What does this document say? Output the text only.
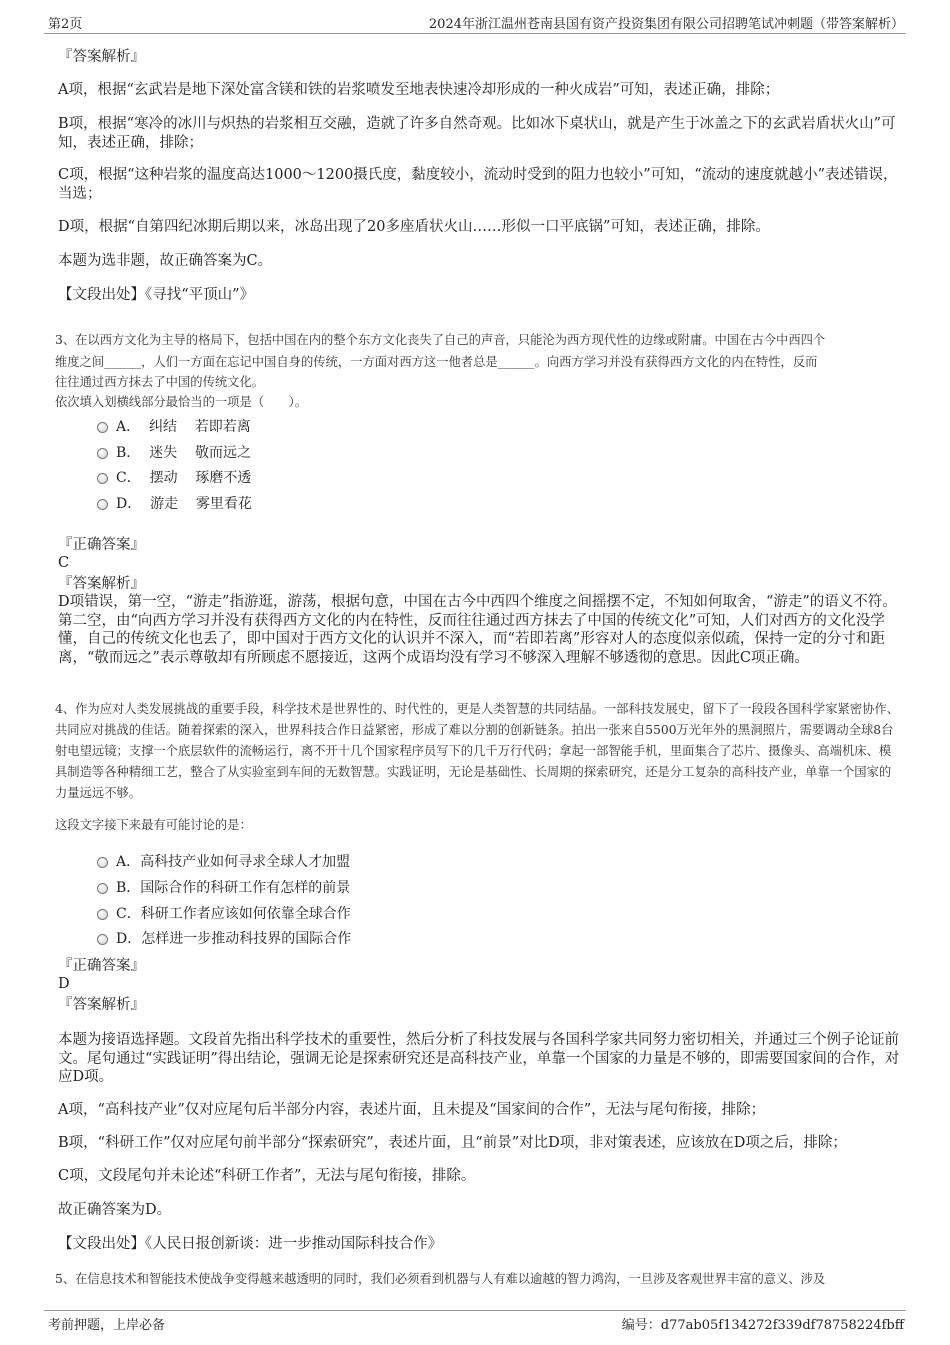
第2页	2024年浙江温州苍南县国有资产投资集团有限公司招聘笔试冲刺题（带答案解析）

『答案解析』

A项，根据“玄武岩是地下深处富含镁和铁的岩浆喷发至地表快速冷却形成的一种火成岩”可知，表述正确，排除；

B项，根据“寒冷的冰川与炽热的岩浆相互交融，造就了许多自然奇观。比如冰下桌状山，就是产生于冰盖之下的玄武岩盾状火山”可知，表述正确，排除；

C项，根据“这种岩浆的温度高达1000～1200摄氏度，黏度较小，流动时受到的阻力也较小”可知，“流动的速度就越小”表述错误，当选；

D项，根据“自第四纪冰期后期以来，冰岛出现了20多座盾状火山……形似一口平底锅”可知，表述正确，排除。

本题为选非题，故正确答案为C。

【文段出处】《寻找“平顶山”》

3、在以西方文化为主导的格局下，包括中国在内的整个东方文化丧失了自己的声音，只能沦为西方现代性的边缘或附庸。中国在古今中西四个

维度之间______，人们一方面在忘记中国自身的传统，一方面对西方这一他者总是______。向西方学习并没有获得西方文化的内在特性，反而

往往通过西方抹去了中国的传统文化。

依次填入划横线部分最恰当的一项是（　　）。

A．  纠结    若即若离
B．  迷失    敬而远之
C．  摆动    琢磨不透
D．  游走    雾里看花

『正确答案』

C

『答案解析』

D项错误，第一空，“游走”指游逛，游荡，根据句意，中国在古今中西四个维度之间摇摆不定，不知如何取舍，“游走”的语义不符。第二空，由“向西方学习并没有获得西方文化的内在特性，反而往往通过西方抹去了中国的传统文化”可知，人们对西方的文化没学懂，自己的传统文化也丢了，即中国对于西方文化的认识并不深入，而“若即若离”形容对人的态度似亲似疏，保持一定的分寸和距离，“敬而远之”表示尊敬却有所顾虑不愿接近，这两个成语均没有学习不够深入理解不够透彻的意思。因此C项正确。

4、作为应对人类发展挑战的重要手段，科学技术是世界性的、时代性的，更是人类智慧的共同结晶。一部科技发展史，留下了一段段各国科学家紧密协作、共同应对挑战的佳话。随着探索的深入，世界科技合作日益紧密，形成了难以分割的创新链条。拍出一张来自5500万光年外的黑洞照片，需要调动全球8台射电望远镜；支撑一个底层软件的流畅运行，离不开十几个国家程序员写下的几千万行代码；拿起一部智能手机，里面集合了芯片、摄像头、高端机床、模具制造等各种精细工艺，整合了从实验室到车间的无数智慧。实践证明，无论是基础性、长周期的探索研究，还是分工复杂的高科技产业，单靠一个国家的力量远远不够。

这段文字接下来最有可能讨论的是：

A．高科技产业如何寻求全球人才加盟
B．国际合作的科研工作有怎样的前景
C．科研工作者应该如何依靠全球合作
D．怎样进一步推动科技界的国际合作

『正确答案』

D

『答案解析』

本题为接语选择题。文段首先指出科学技术的重要性，然后分析了科技发展与各国科学家共同努力密切相关，并通过三个例子论证前文。尾句通过“实践证明”得出结论，强调无论是探索研究还是高科技产业，单靠一个国家的力量是不够的，即需要国家间的合作，对应D项。

A项，“高科技产业”仅对应尾句后半部分内容，表述片面，且未提及“国家间的合作”，无法与尾句衔接，排除；

B项，“科研工作”仅对应尾句前半部分“探索研究”，表述片面，且“前景”对比D项，非对策表述，应该放在D项之后，排除；

C项，文段尾句并未论述“科研工作者”，无法与尾句衔接，排除。

故正确答案为D。

【文段出处】《人民日报创新谈：进一步推动国际科技合作》

5、在信息技术和智能技术使战争变得越来越透明的同时，我们必须看到机器与人有难以逾越的智力鸿沟，一旦涉及客观世界丰富的意义、涉及

考前押题，上岸必备	编号：d77ab05f134272f339df78758224fbff
